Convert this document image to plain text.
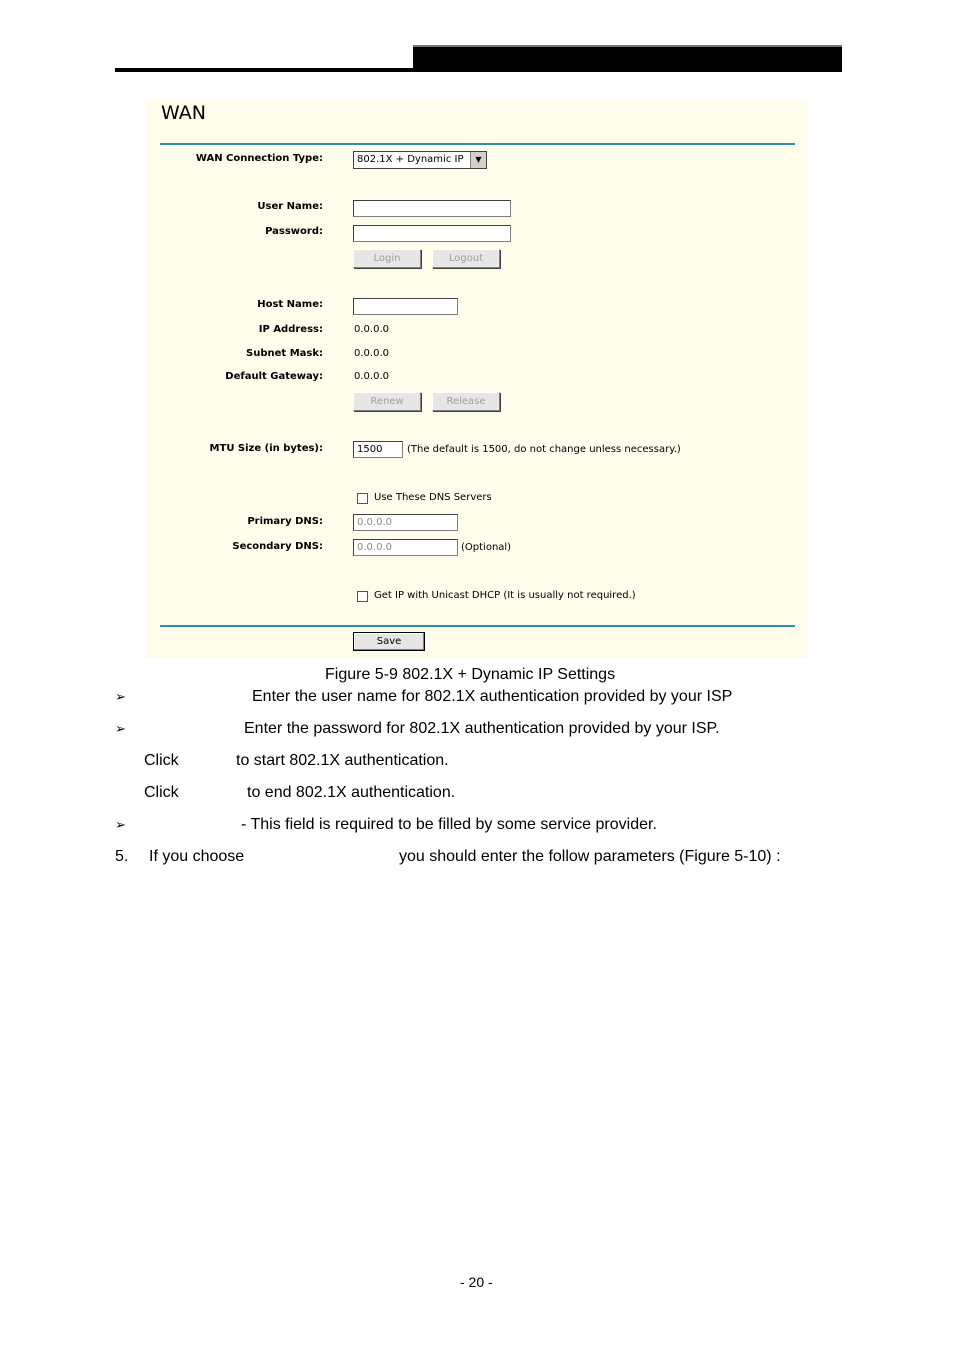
WAN
WAN Connection Type:	802.1X + Dynamic IP	▼
User Name:
Password:
Login	Logout
Host Name:
IP Address:	0.0.0.0
Subnet Mask:	0.0.0.0
Default Gateway:	0.0.0.0
Renew	Release
MTU Size (in bytes):	1500	(The default is 1500, do not change unless necessary.)
Use These DNS Servers
Primary DNS:	0.0.0.0
Secondary DNS:	0.0.0.0	(Optional)
Get IP with Unicast DHCP (It is usually not required.)
Save
Figure 5-9 802.1X + Dynamic IP Settings
➢	Enter the user name for 802.1X authentication provided by your ISP
➢	Enter the password for 802.1X authentication provided by your ISP.
Click	to start 802.1X authentication.
Click	to end 802.1X authentication.
➢	- This field is required to be filled by some service provider.
5. If you choose	you should enter the follow parameters (Figure 5-10) :
- 20 -
